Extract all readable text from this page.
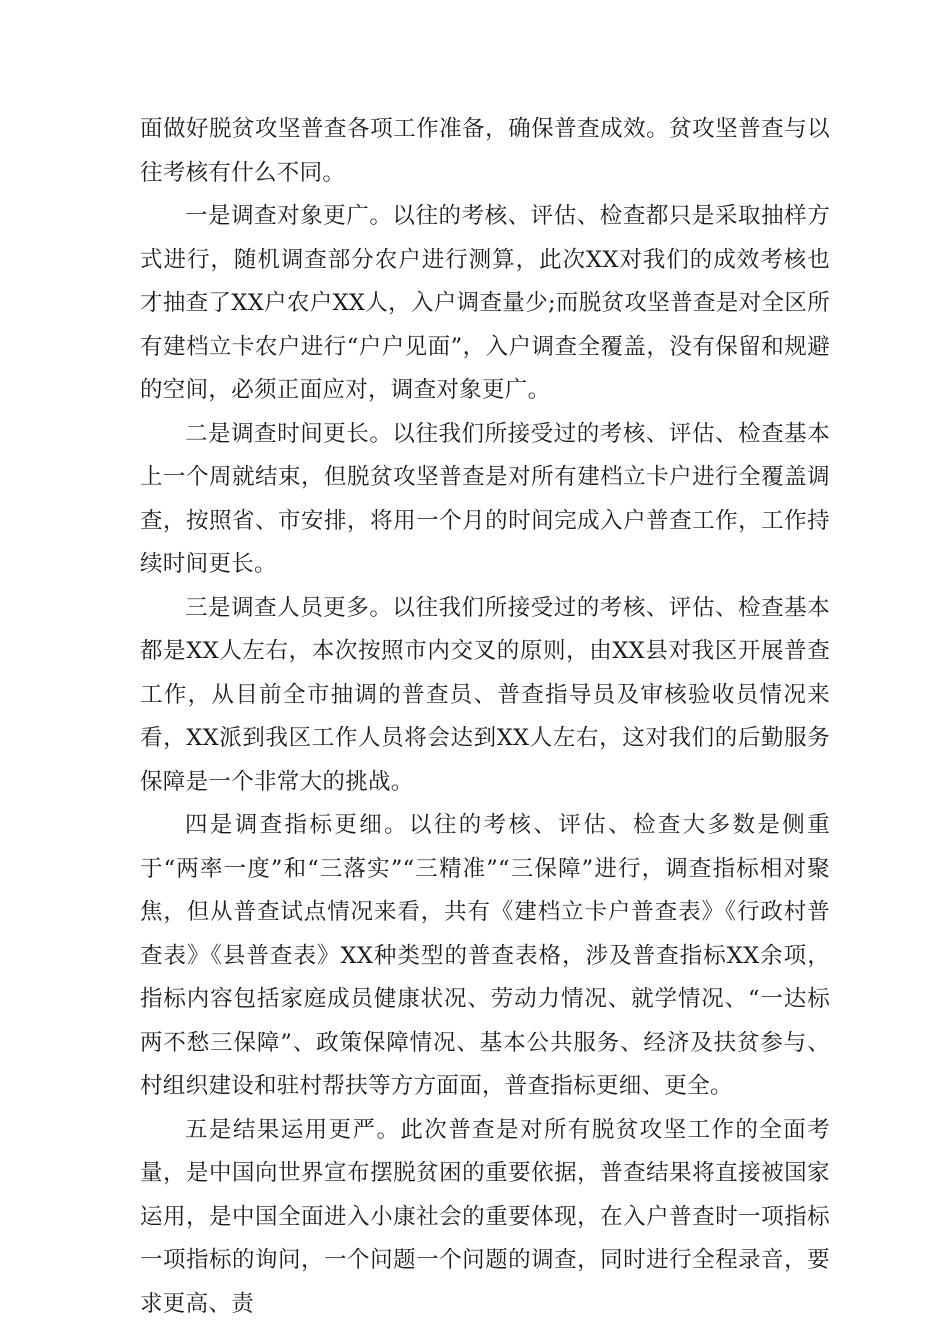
面做好脱贫攻坚普查各项工作准备，确保普查成效。贫攻坚普查与以往考核有什么不同。

一是调查对象更广。以往的考核、评估、检查都只是采取抽样方式进行，随机调查部分农户进行测算，此次XX对我们的成效考核也才抽查了XX户农户XX人，入户调查量少;而脱贫攻坚普查是对全区所有建档立卡农户进行“户户见面”，入户调查全覆盖，没有保留和规避的空间，必须正面应对，调查对象更广。

二是调查时间更长。以往我们所接受过的考核、评估、检查基本上一个周就结束，但脱贫攻坚普查是对所有建档立卡户进行全覆盖调查，按照省、市安排，将用一个月的时间完成入户普查工作，工作持续时间更长。

三是调查人员更多。以往我们所接受过的考核、评估、检查基本都是XX人左右，本次按照市内交叉的原则，由XX县对我区开展普查工作，从目前全市抽调的普查员、普查指导员及审核验收员情况来看，XX派到我区工作人员将会达到XX人左右，这对我们的后勤服务保障是一个非常大的挑战。

四是调查指标更细。以往的考核、评估、检查大多数是侧重于“两率一度”和“三落实”“三精准”“三保障”进行，调查指标相对聚焦，但从普查试点情况来看，共有《建档立卡户普查表》《行政村普查表》《县普查表》XX种类型的普查表格，涉及普查指标XX余项，指标内容包括家庭成员健康状况、劳动力情况、就学情况、“一达标两不愁三保障”、政策保障情况、基本公共服务、经济及扶贫参与、村组织建设和驻村帮扶等方方面面，普查指标更细、更全。

五是结果运用更严。此次普查是对所有脱贫攻坚工作的全面考量，是中国向世界宣布摆脱贫困的重要依据，普查结果将直接被国家运用，是中国全面进入小康社会的重要体现，在入户普查时一项指标一项指标的询问，一个问题一个问题的调查，同时进行全程录音，要求更高、责
